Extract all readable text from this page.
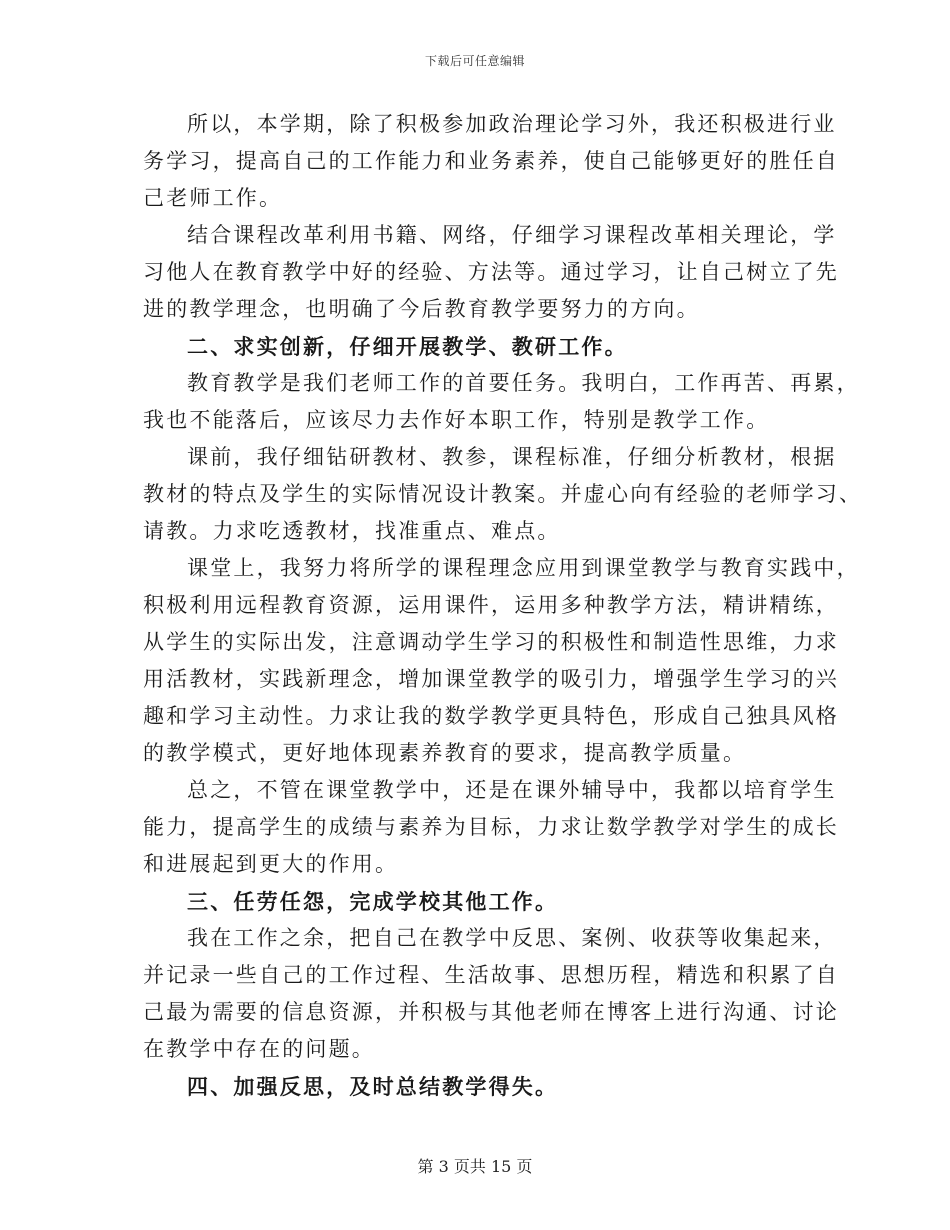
下载后可任意编辑

所以，本学期，除了积极参加政治理论学习外，我还积极进行业
务学习，提高自己的工作能力和业务素养，使自己能够更好的胜任自
己老师工作。

结合课程改革利用书籍、网络，仔细学习课程改革相关理论，学
习他人在教育教学中好的经验、方法等。通过学习，让自己树立了先
进的教学理念，也明确了今后教育教学要努力的方向。

二、求实创新，仔细开展教学、教研工作。

教育教学是我们老师工作的首要任务。我明白，工作再苦、再累，
我也不能落后，应该尽力去作好本职工作，特别是教学工作。

课前，我仔细钻研教材、教参，课程标准，仔细分析教材，根据
教材的特点及学生的实际情况设计教案。并虚心向有经验的老师学习、
请教。力求吃透教材，找准重点、难点。

课堂上，我努力将所学的课程理念应用到课堂教学与教育实践中，
积极利用远程教育资源，运用课件，运用多种教学方法，精讲精练，
从学生的实际出发，注意调动学生学习的积极性和制造性思维，力求
用活教材，实践新理念，增加课堂教学的吸引力，增强学生学习的兴
趣和学习主动性。力求让我的数学教学更具特色，形成自己独具风格
的教学模式，更好地体现素养教育的要求，提高教学质量。

总之，不管在课堂教学中，还是在课外辅导中，我都以培育学生
能力，提高学生的成绩与素养为目标，力求让数学教学对学生的成长
和进展起到更大的作用。

三、任劳任怨，完成学校其他工作。

我在工作之余，把自己在教学中反思、案例、收获等收集起来，
并记录一些自己的工作过程、生活故事、思想历程，精选和积累了自
己最为需要的信息资源，并积极与其他老师在博客上进行沟通、讨论
在教学中存在的问题。

四、加强反思，及时总结教学得失。

第 3 页共 15 页
